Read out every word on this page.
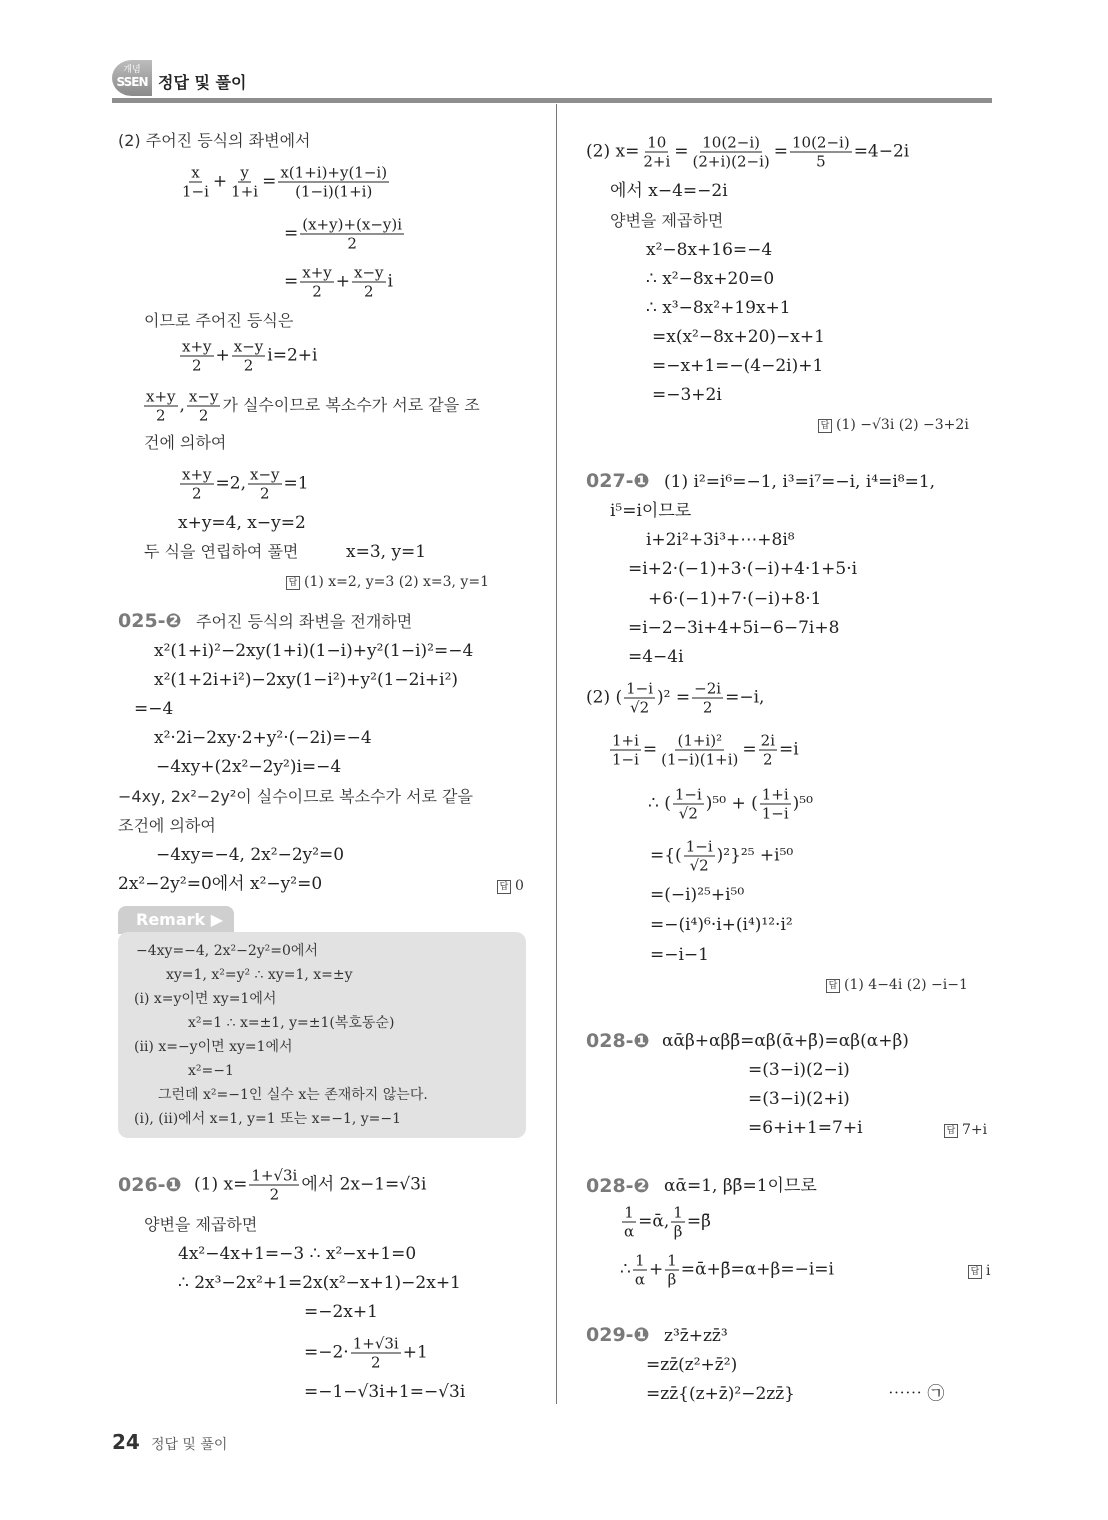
개념
SSEN 정답 및 풀이
(2) 주어진 등식의 좌변에서
$\frac{x}{1-i} + \frac{y}{1+i} = \frac{x(1+i)+y(1-i)}{(1-i)(1+i)}$
= $\frac{(x+y)+(x-y)i}{2}$
= $\frac{x+y}{2} + \frac{x-y}{2}$ i
이므로 주어진 등식은
$\frac{x+y}{2} + \frac{x-y}{2} i=2+i$
$\frac{x+y}{2}$ , $\frac{x-y}{2}$ 가 실수이므로 복소수가 서로 같을 조
건에 의하여
$\frac{x+y}{2} =2$, $\frac{x-y}{2} =1$
x+y=4, x−y=2
두 식을 연립하여 풀면	x=3, y=1
답 (1) x=2, y=3 (2) x=3, y=1
025-❷ 주어진 등식의 좌변을 전개하면
x²(1+i)²−2xy(1+i)(1−i)+y²(1−i)²=−4
x²(1+2i+i²)−2xy(1−i²)+y²(1−2i+i²)
=−4
x²·2i−2xy·2+y²·(−2i)=−4
−4xy+(2x²−2y²)i=−4
−4xy, 2x²−2y²이 실수이므로 복소수가 서로 같을
조건에 의하여
−4xy=−4, 2x²−2y²=0
2x²−2y²=0에서 x²−y²=0	답 0
Remark ▶
−4xy=−4, 2x²−2y²=0에서
xy=1, x²=y² ∴ xy=1, x=±y
(ⅰ) x=y이면 xy=1에서
x²=1 ∴ x=±1, y=±1(복호동순)
(ⅱ) x=−y이면 xy=1에서
x²=−1
그런데 x²=−1인 실수 x는 존재하지 않는다.
(ⅰ), (ⅱ)에서 x=1, y=1 또는 x=−1, y=−1
026-❶ (1) $x= \frac{1+√3i}{2}$ 에서 2x−1=√3i
양변을 제곱하면
4x²−4x+1=−3 ∴ x²−x+1=0
∴ 2x³−2x²+1=2x(x²−x+1)−2x+1
=−2x+1
$=-2\cdot \frac{1+√3i}{2} +1$
=−1−√3i+1=−√3i
(2) $x= \frac{10}{2+i} = \frac{10(2-i)}{(2+i)(2-i)} = \frac{10(2-i)}{5} =4-2i$
에서 x−4=−2i
양변을 제곱하면
x²−8x+16=−4
∴ x²−8x+20=0
∴ x³−8x²+19x+1
=x(x²−8x+20)−x+1
=−x+1=−(4−2i)+1
=−3+2i
답 (1) −√3i (2) −3+2i
027-❶ (1) i²=i⁶=−1, i³=i⁷=−i, i⁴=i⁸=1,
i⁵=i이므로
i+2i²+3i³+⋯+8i⁸
=i+2·(−1)+3·(−i)+4·1+5·i
+6·(−1)+7·(−i)+8·1
=i−2−3i+4+5i−6−7i+8
=4−4i
(2) ( $\frac{1-i}{√2} )^2 = \frac{-2i}{2} =-i$,
$\frac{1+i}{1-i} = \frac{\text{(1+i)²}}{(1-i)(1+i)} = \frac{2i}{2} =i$
∴ ( $\frac{1-i}{√2} )^{50}$ + ( $\frac{1+i}{1-i} )^{50}$
={( $\frac{1-i}{√2} )^2\}^{25} +i^{50}$
=(−i)²⁵+i⁵⁰
=−(i⁴)⁶·i+(i⁴)¹²·i²
=−i−1
답 (1) 4−4i (2) −i−1
028-❶ αᾱβ+αββ̄=αβ(ᾱ+β̄)=αβ(α+β)
=(3−i)(2−i)
=(3−i)(2+i)
=6+i+1=7+i	답 7+i
028-❷ αᾱ=1, ββ̄=1이므로
$\frac{1}{\alpha}$ =ᾱ, $\frac{1}{\beta}$ =β̄
∴ $\frac{1}{\alpha} + \frac{1}{\beta}$ =ᾱ+β̄=α+β=−i=i	답 i
029-❶ z³z̄+zz̄³
=zz̄(z²+z̄²)
=zz̄{(z+z̄)²−2zz̄}	⋯⋯ ㉠
24 정답 및 풀이
